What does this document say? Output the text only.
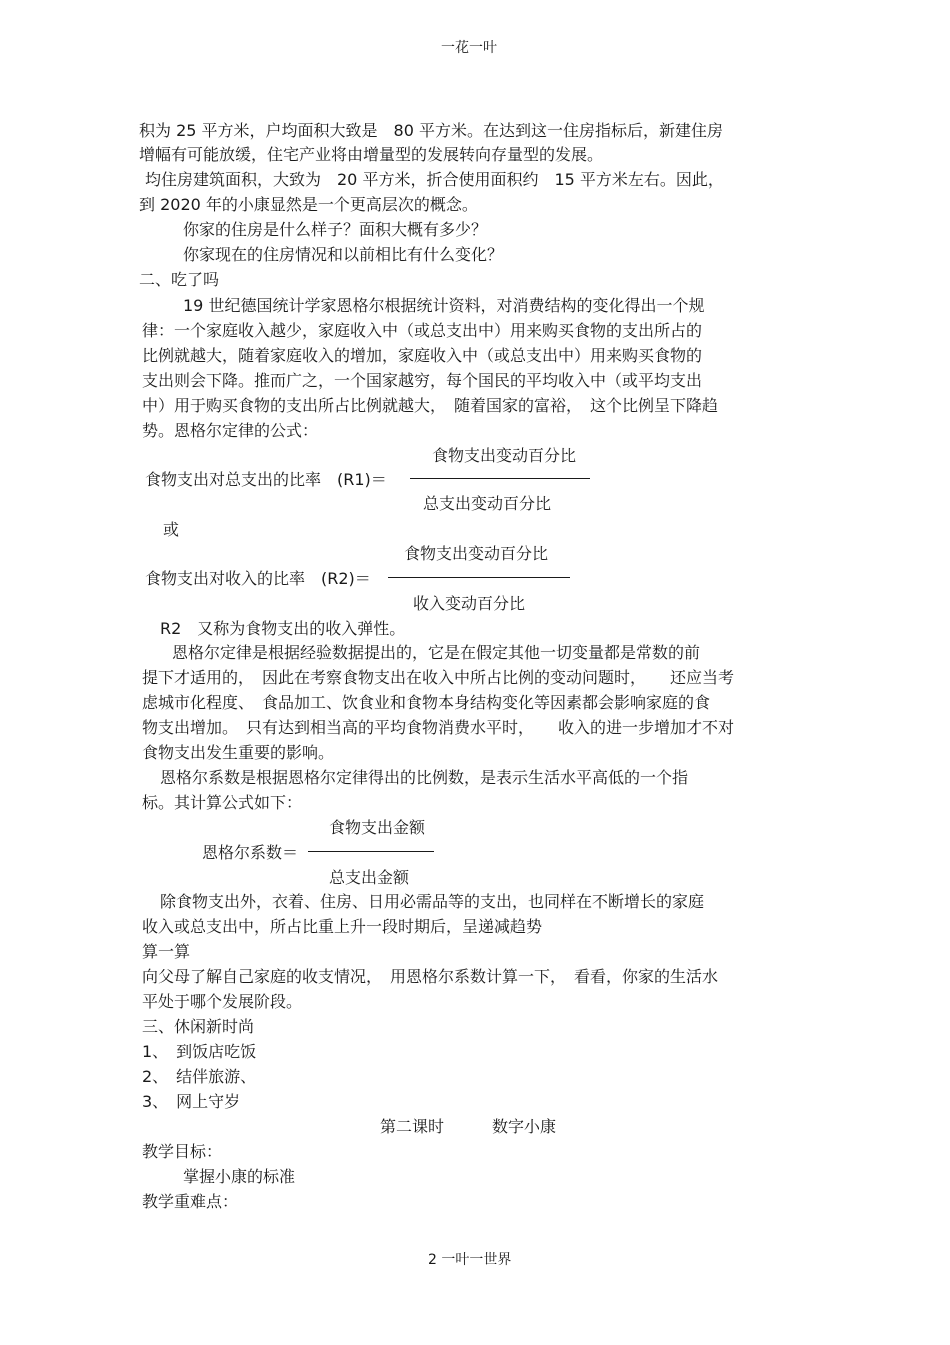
一花一叶
积为 25 平方米，户均面积大致是　80 平方米。在达到这一住房指标后，新建住房
增幅有可能放缓，住宅产业将由增量型的发展转向存量型的发展。
均住房建筑面积，大致为　20 平方米，折合使用面积约　15 平方米左右。因此，
到 2020 年的小康显然是一个更高层次的概念。
你家的住房是什么样子？面积大概有多少？
你家现在的住房情况和以前相比有什么变化？
二、吃了吗
19 世纪德国统计学家恩格尔根据统计资料，对消费结构的变化得出一个规
律：一个家庭收入越少，家庭收入中（或总支出中）用来购买食物的支出所占的
比例就越大，随着家庭收入的增加，家庭收入中（或总支出中）用来购买食物的
支出则会下降。推而广之，一个国家越穷，每个国民的平均收入中（或平均支出
中）用于购买食物的支出所占比例就越大，　随着国家的富裕，　这个比例呈下降趋
势。恩格尔定律的公式：
食物支出变动百分比
食物支出对总支出的比率　(R1)＝
总支出变动百分比
或
食物支出变动百分比
食物支出对收入的比率　(R2)＝
收入变动百分比
R2　又称为食物支出的收入弹性。
恩格尔定律是根据经验数据提出的，它是在假定其他一切变量都是常数的前
提下才适用的，　因此在考察食物支出在收入中所占比例的变动问题时，　　还应当考
虑城市化程度、　食品加工、饮食业和食物本身结构变化等因素都会影响家庭的食
物支出增加。　只有达到相当高的平均食物消费水平时，　　收入的进一步增加才不对
食物支出发生重要的影响。
恩格尔系数是根据恩格尔定律得出的比例数，是表示生活水平高低的一个指
标。其计算公式如下：
食物支出金额
恩格尔系数＝
总支出金额
除食物支出外，衣着、住房、日用必需品等的支出，也同样在不断增长的家庭
收入或总支出中，所占比重上升一段时期后，呈递减趋势
算一算
向父母了解自己家庭的收支情况，　用恩格尔系数计算一下，　看看，你家的生活水
平处于哪个发展阶段。
三、休闲新时尚
1、　到饭店吃饭
2、　结伴旅游、
3、　网上守岁
第二课时　　　数字小康
教学目标：
掌握小康的标准
教学重难点：
2 一叶一世界
